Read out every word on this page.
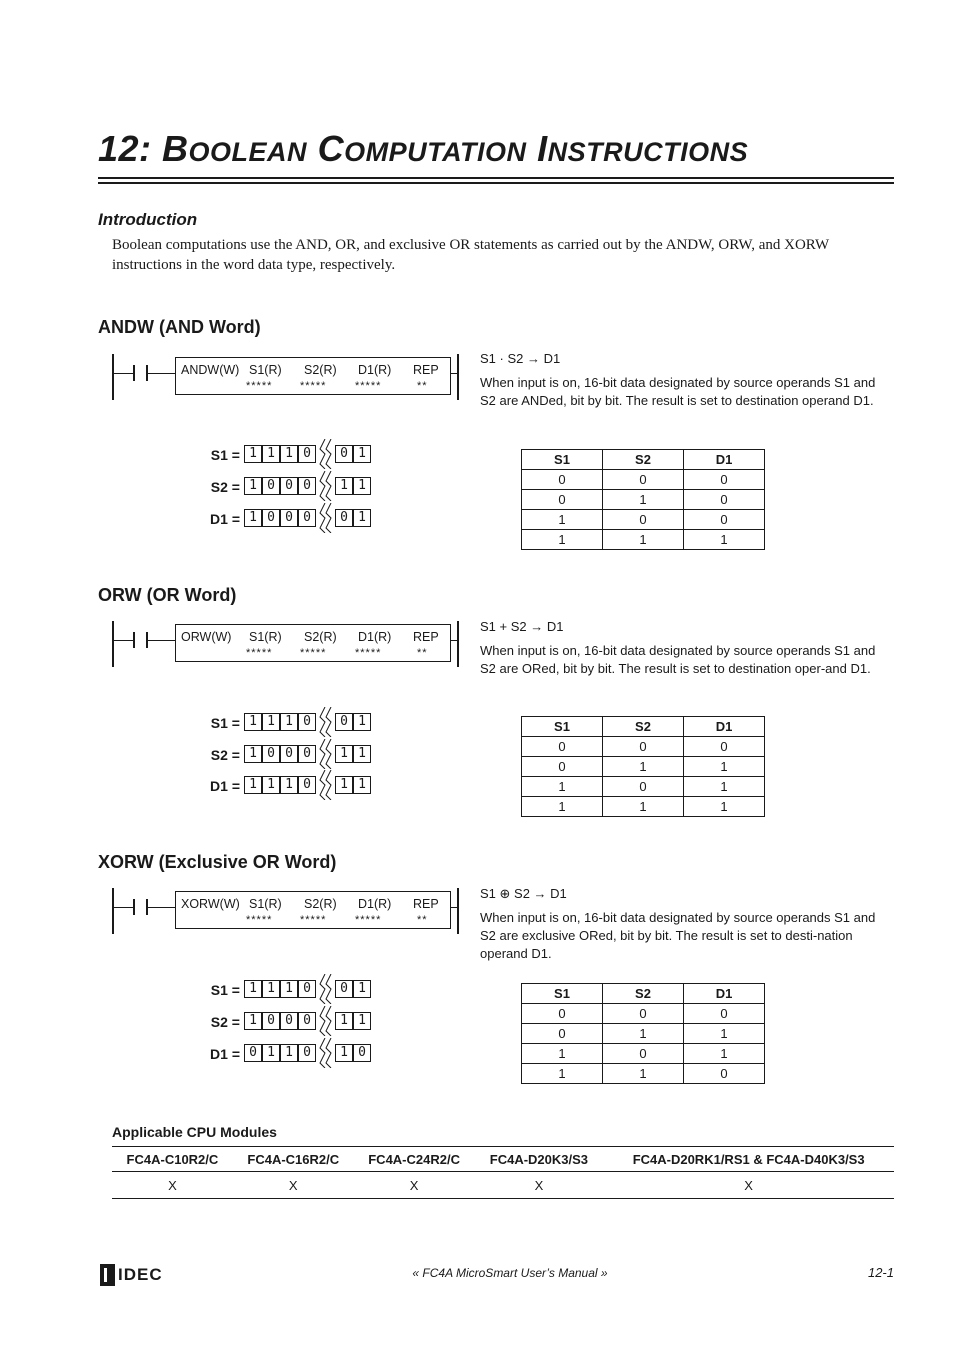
12: BOOLEAN COMPUTATION INSTRUCTIONS
Introduction
Boolean computations use the AND, OR, and exclusive OR statements as carried out by the ANDW, ORW, and XORW instructions in the word data type, respectively.
ANDW (AND Word)
ANDW(W) S1(R) S2(R) D1(R) REP
*****	*****	*****	**
S1 · S2 → D1
When input is on, 16-bit data designated by source operands S1 and S2 are ANDed, bit by bit. The result is set to destination operand D1.
S1 = 1 1 1 0	0 1
S2 = 1 0 0 0	1 1
D1 = 1 0 0 0	0 1
S1	S2	D1
0	0	0
0	1	0
1	0	0
1	1	1
ORW (OR Word)
ORW(W) S1(R) S2(R) D1(R) REP
*****	*****	*****	**
S1 + S2 → D1
When input is on, 16-bit data designated by source operands S1 and S2 are ORed, bit by bit. The result is set to destination oper-and D1.
S1 = 1 1 1 0	0 1
S2 = 1 0 0 0	1 1
D1 = 1 1 1 0	1 1
S1	S2	D1
0	0	0
0	1	1
1	0	1
1	1	1
XORW (Exclusive OR Word)
XORW(W) S1(R) S2(R) D1(R) REP
*****	*****	*****	**
S1 ⊕ S2 → D1
When input is on, 16-bit data designated by source operands S1 and S2 are exclusive ORed, bit by bit. The result is set to desti-nation operand D1.
S1 = 1 1 1 0	0 1
S2 = 1 0 0 0	1 1
D1 = 0 1 1 0	1 0
S1	S2	D1
0	0	0
0	1	1
1	0	1
1	1	0
Applicable CPU Modules
FC4A-C10R2/C	FC4A-C16R2/C	FC4A-C24R2/C	FC4A-D20K3/S3	FC4A-D20RK1/RS1 & FC4A-D40K3/S3
X	X	X	X	X
IDEC	« FC4A MicroSmart User’s Manual »	12-1
